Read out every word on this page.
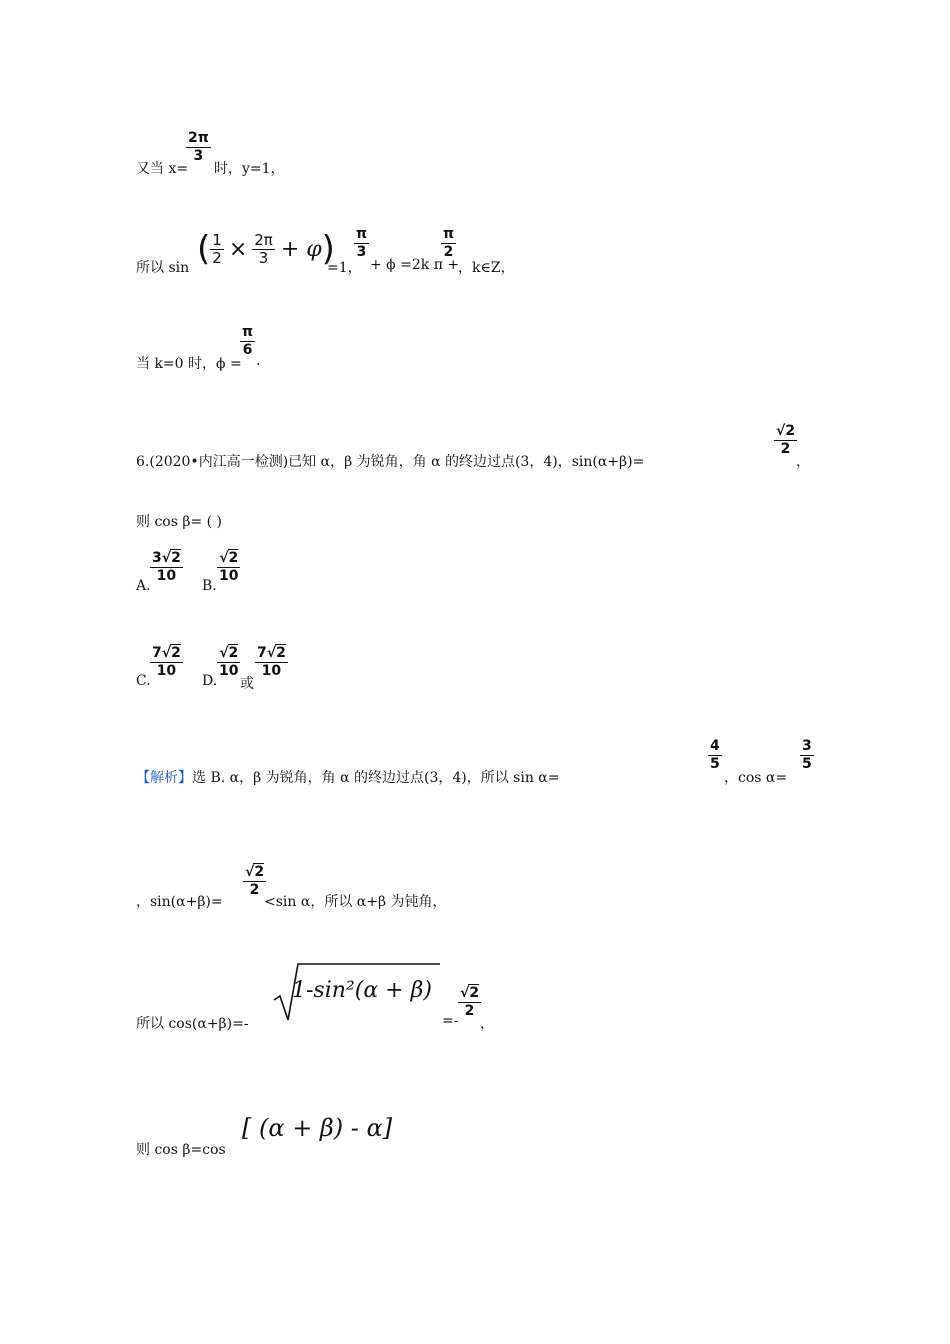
又当 x=
$\frac{2\pi}{3}$
时，y=1，
所以 sin ( $\frac{1}{2} \times \frac{2\pi}{3} + \varphi$ )
=1，
$\frac{\pi}{3}$
+ ϕ =2k π +
$\frac{\pi}{2}$
，k∈Z，
当 k=0 时，ϕ =
$\frac{\pi}{6}$
.
6.(2020•内江高一检测)已知 α，β 为锐角，角 α 的终边过点(3，4)，sin(α+β)=
$\frac{√2}{2}$
，
则 cos β= ( )
A.
$\frac{3√2}{10}$
B.
$\frac{√2}{10}$
C.
$\frac{7√2}{10}$
D.
$\frac{√2}{10}$
或
$\frac{7√2}{10}$
【解析】选 B. α，β 为锐角，角 α 的终边过点(3，4)，所以 sin α=
$\frac{4}{5}$
，cos α=
$\frac{3}{5}$
，sin(α+β)=
$\frac{√2}{2}$
<sin α，所以 α+β 为钝角，
所以 cos(α+β)=-
1-sin²(α + β)
=-
$\frac{√2}{2}$
，
则 cos β=cos
[ (α + β) - α]
